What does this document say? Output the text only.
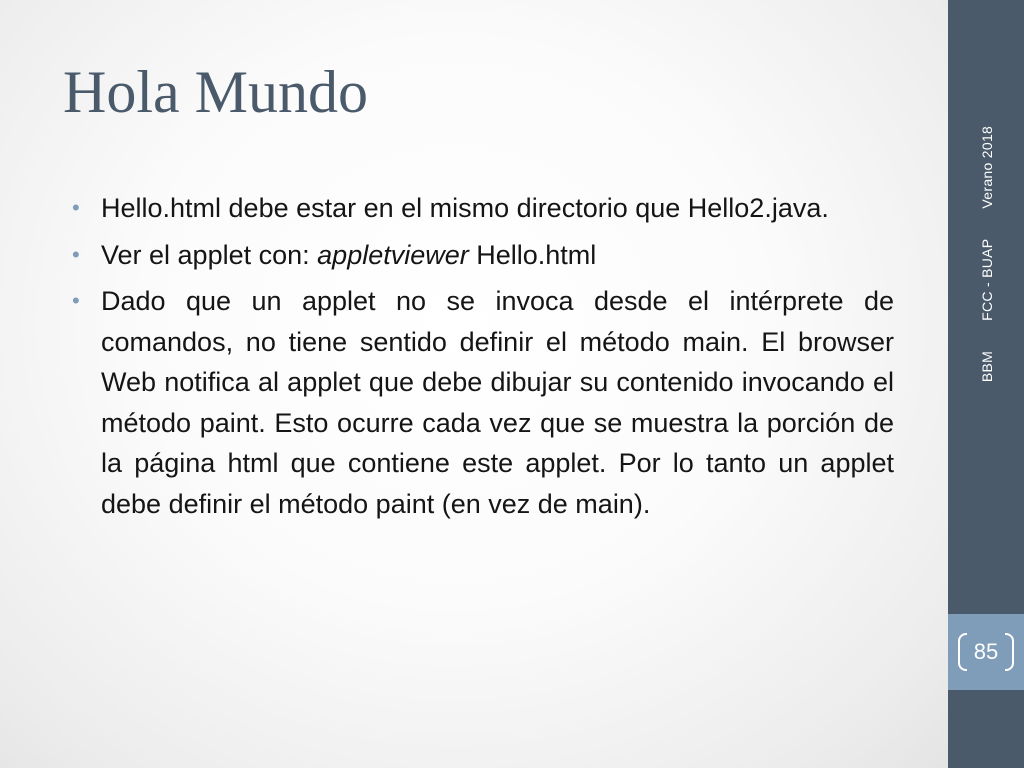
Hola Mundo
• Hello.html debe estar en el mismo directorio que Hello2.java.
• Ver el applet con: appletviewer Hello.html
• Dado que un applet no se invoca desde el intérprete de comandos, no tiene sentido definir el método main. El browser Web notifica al applet que debe dibujar su contenido invocando el método paint. Esto ocurre cada vez que se muestra la porción de la página html que contiene este applet. Por lo tanto un applet debe definir el método paint (en vez de main).
BBMFCC - BUAPVerano 2018
85
